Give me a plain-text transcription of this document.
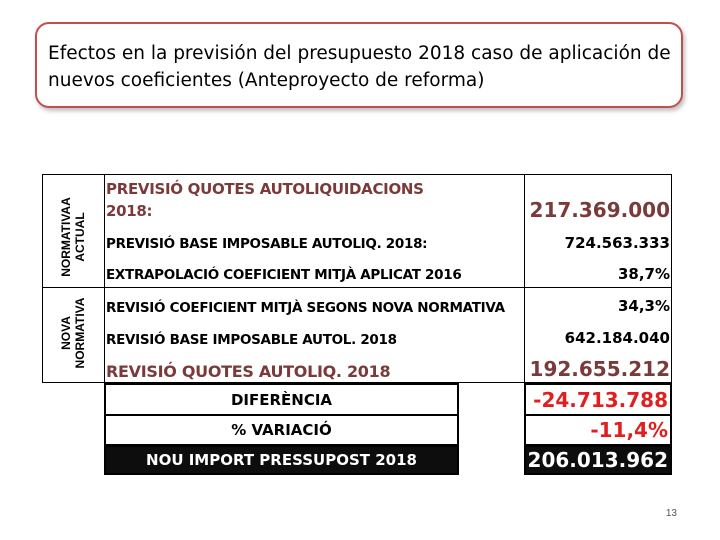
Efectos en la previsión del presupuesto 2018 caso de aplicación de nuevos coeficientes (Anteproyecto de reforma)
NORMATIVAA ACTUAL
NOVA NORMATIVA
PREVISIÓ QUOTES AUTOLIQUIDACIONS 2018:	217.369.000
PREVISIÓ BASE IMPOSABLE AUTOLIQ. 2018:	724.563.333
EXTRAPOLACIÓ COEFICIENT MITJÀ APLICAT 2016	38,7%
REVISIÓ COEFICIENT MITJÀ SEGONS NOVA NORMATIVA	34,3%
REVISIÓ BASE IMPOSABLE AUTOL. 2018	642.184.040
REVISIÓ QUOTES AUTOLIQ. 2018	192.655.212
DIFERÈNCIA	-24.713.788
% VARIACIÓ	-11,4%
NOU IMPORT PRESSUPOST 2018	206.013.962
13
